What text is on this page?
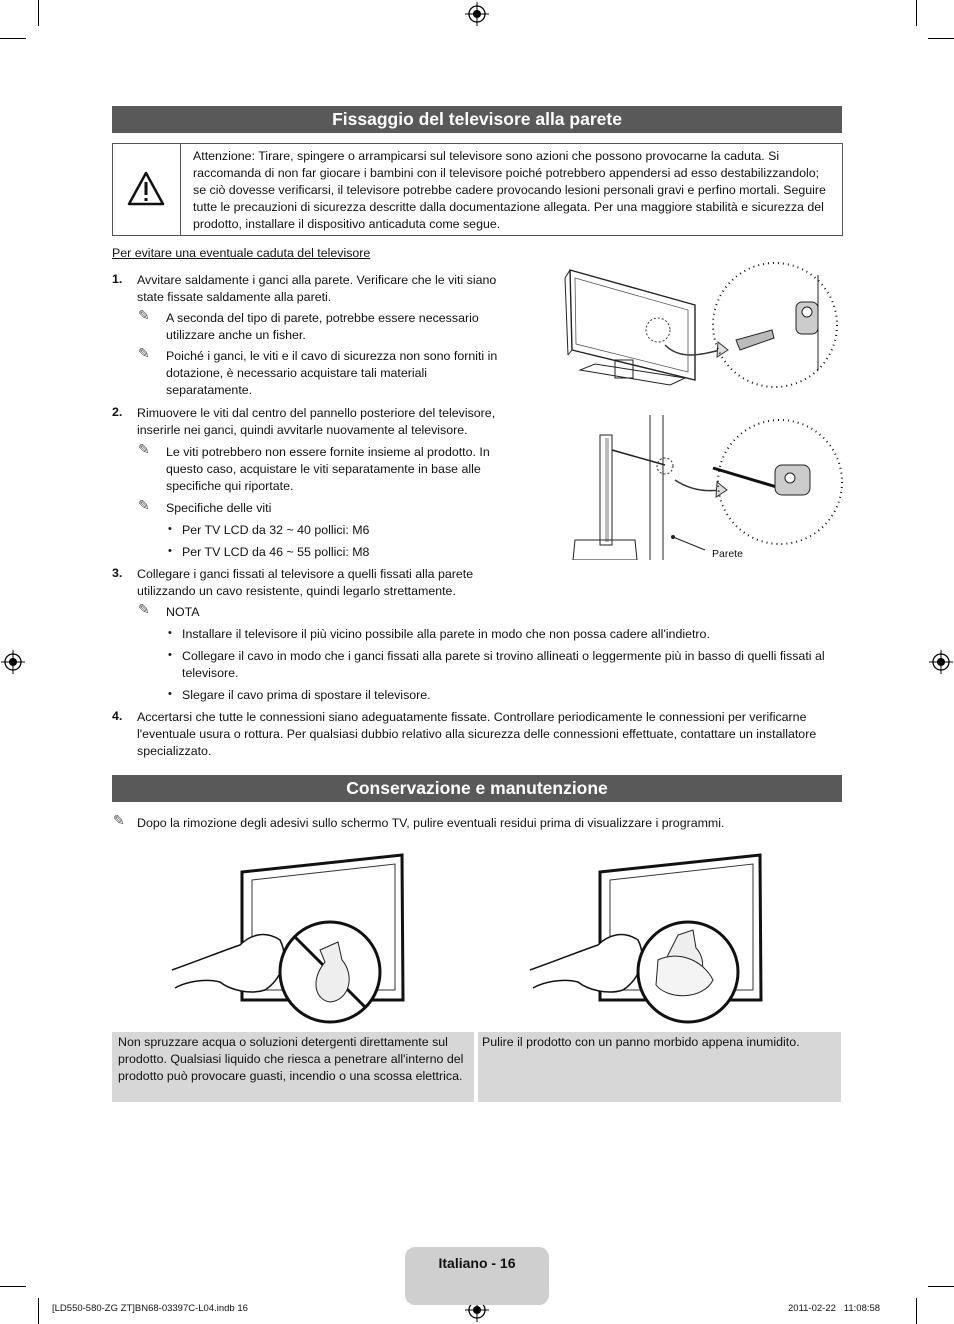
Fissaggio del televisore alla parete
Attenzione: Tirare, spingere o arrampicarsi sul televisore sono azioni che possono provocarne la caduta. Si raccomanda di non far giocare i bambini con il televisore poiché potrebbero appendersi ad esso destabilizzandolo; se ciò dovesse verificarsi, il televisore potrebbe cadere provocando lesioni personali gravi e perfino mortali. Seguire tutte le precauzioni di sicurezza descritte dalla documentazione allegata. Per una maggiore stabilità e sicurezza del prodotto, installare il dispositivo anticaduta come segue.
Per evitare una eventuale caduta del televisore
1. Avvitare saldamente i ganci alla parete. Verificare che le viti siano state fissate saldamente alla pareti.
✎ A seconda del tipo di parete, potrebbe essere necessario utilizzare anche un fisher.
✎ Poiché i ganci, le viti e il cavo di sicurezza non sono forniti in dotazione, è necessario acquistare tali materiali separatamente.
2. Rimuovere le viti dal centro del pannello posteriore del televisore, inserirle nei ganci, quindi avvitarle nuovamente al televisore.
✎ Le viti potrebbero non essere fornite insieme al prodotto. In questo caso, acquistare le viti separatamente in base alle specifiche qui riportate.
✎ Specifiche delle viti
• Per TV LCD da 32 ~ 40 pollici: M6
• Per TV LCD da 46 ~ 55 pollici: M8
3. Collegare i ganci fissati al televisore a quelli fissati alla parete utilizzando un cavo resistente, quindi legarlo strettamente.
✎ NOTA
• Installare il televisore il più vicino possibile alla parete in modo che non possa cadere all'indietro.
• Collegare il cavo in modo che i ganci fissati alla parete si trovino allineati o leggermente più in basso di quelli fissati al televisore.
• Slegare il cavo prima di spostare il televisore.
4. Accertarsi che tutte le connessioni siano adeguatamente fissate. Controllare periodicamente le connessioni per verificarne l'eventuale usura o rottura. Per qualsiasi dubbio relativo alla sicurezza delle connessioni effettuate, contattare un installatore specializzato.
Parete
Conservazione e manutenzione
✎ Dopo la rimozione degli adesivi sullo schermo TV, pulire eventuali residui prima di visualizzare i programmi.
Non spruzzare acqua o soluzioni detergenti direttamente sul prodotto. Qualsiasi liquido che riesca a penetrare all'interno del prodotto può provocare guasti, incendio o una scossa elettrica.
Pulire il prodotto con un panno morbido appena inumidito.
Italiano - 16
[LD550-580-ZG ZT]BN68-03397C-L04.indb 16	2011-02-22   11:08:58
